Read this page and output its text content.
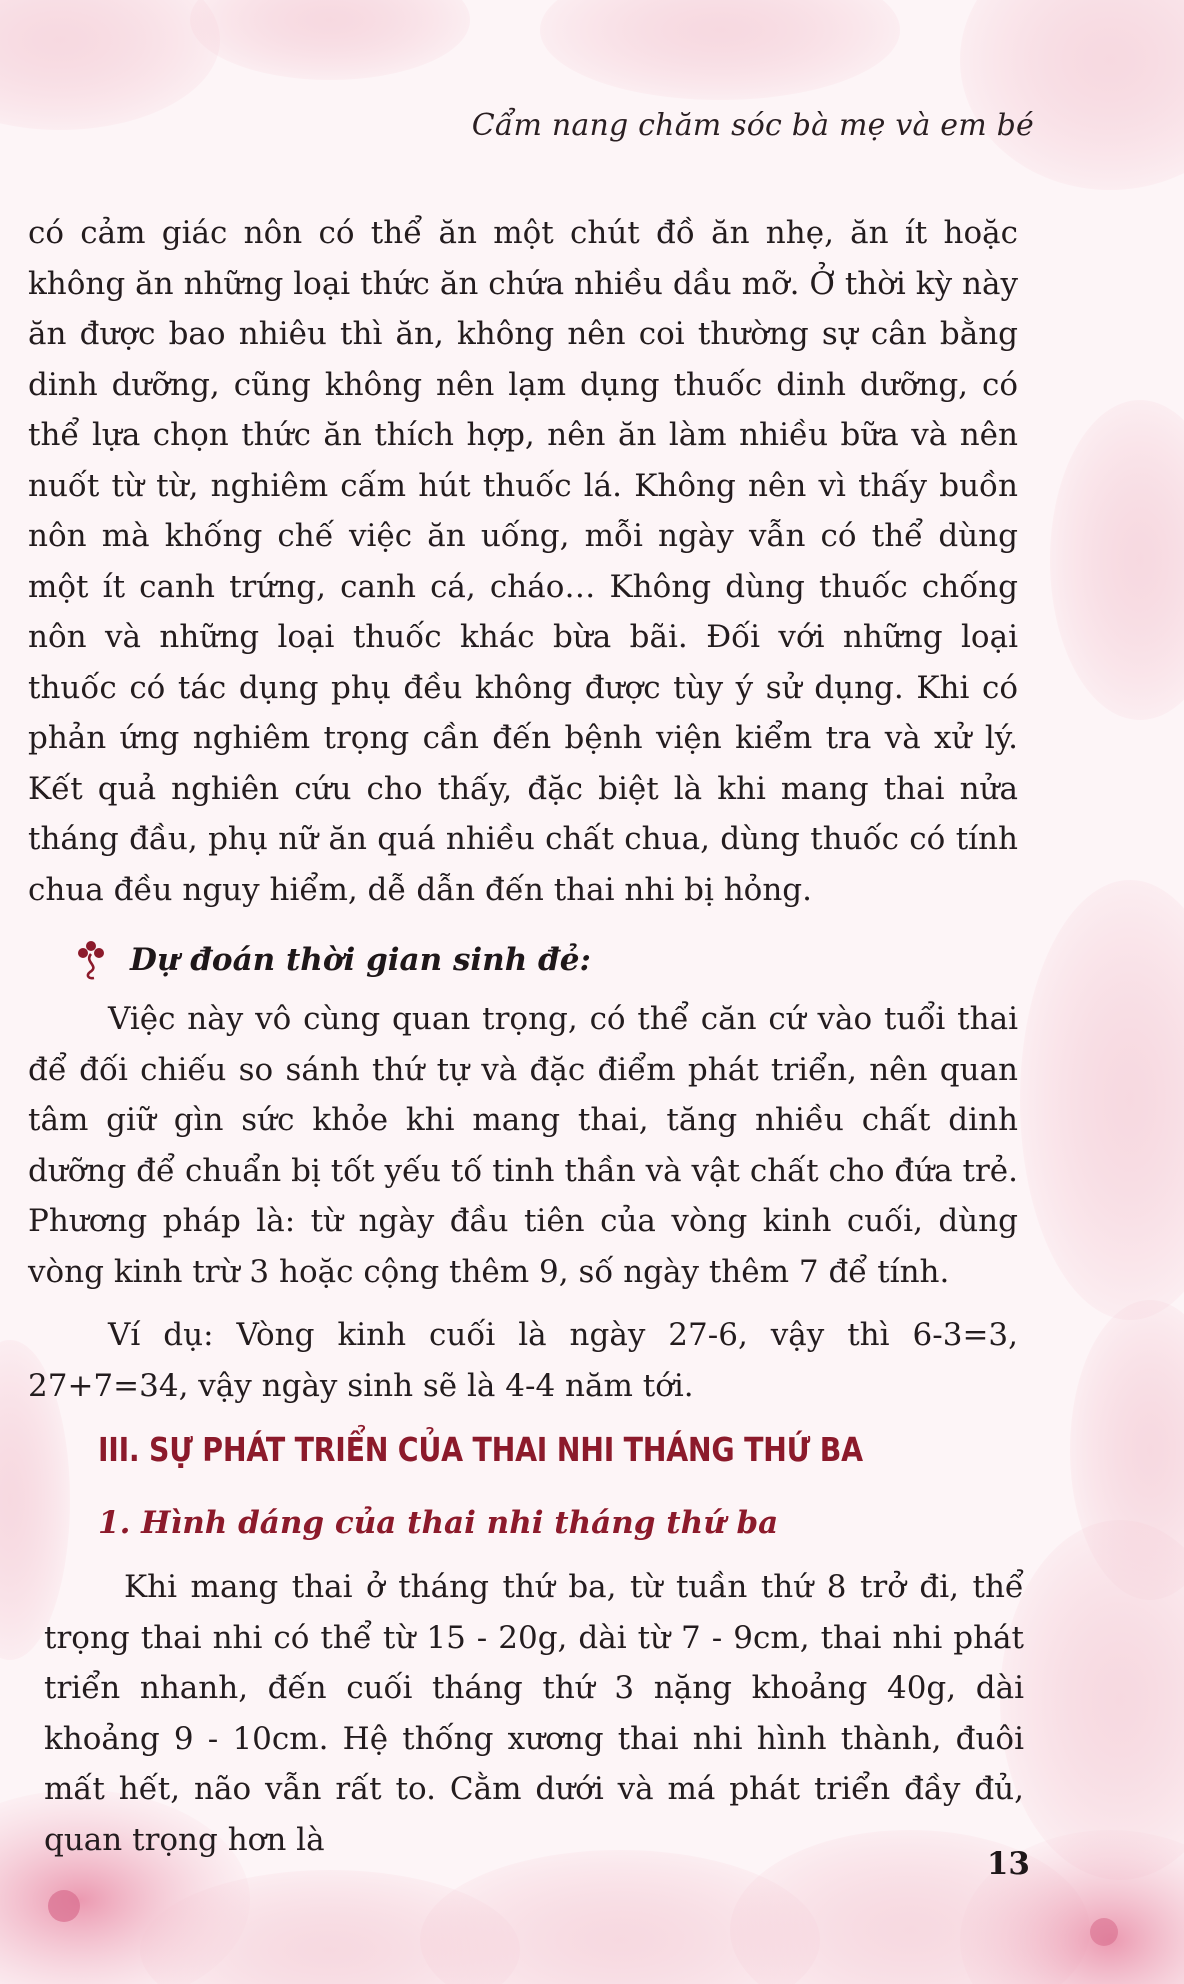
Cẩm nang chăm sóc bà mẹ và em bé

có cảm giác nôn có thể ăn một chút đồ ăn nhẹ, ăn ít hoặc không ăn những loại thức ăn chứa nhiều dầu mỡ. Ở thời kỳ này ăn được bao nhiêu thì ăn, không nên coi thường sự cân bằng dinh dưỡng, cũng không nên lạm dụng thuốc dinh dưỡng, có thể lựa chọn thức ăn thích hợp, nên ăn làm nhiều bữa và nên nuốt từ từ, nghiêm cấm hút thuốc lá. Không nên vì thấy buồn nôn mà khống chế việc ăn uống, mỗi ngày vẫn có thể dùng một ít canh trứng, canh cá, cháo… Không dùng thuốc chống nôn và những loại thuốc khác bừa bãi. Đối với những loại thuốc có tác dụng phụ đều không được tùy ý sử dụng. Khi có phản ứng nghiêm trọng cần đến bệnh viện kiểm tra và xử lý. Kết quả nghiên cứu cho thấy, đặc biệt là khi mang thai nửa tháng đầu, phụ nữ ăn quá nhiều chất chua, dùng thuốc có tính chua đều nguy hiểm, dễ dẫn đến thai nhi bị hỏng.

Dự đoán thời gian sinh đẻ:

Việc này vô cùng quan trọng, có thể căn cứ vào tuổi thai để đối chiếu so sánh thứ tự và đặc điểm phát triển, nên quan tâm giữ gìn sức khỏe khi mang thai, tăng nhiều chất dinh dưỡng để chuẩn bị tốt yếu tố tinh thần và vật chất cho đứa trẻ. Phương pháp là: từ ngày đầu tiên của vòng kinh cuối, dùng vòng kinh trừ 3 hoặc cộng thêm 9, số ngày thêm 7 để tính.

Ví dụ: Vòng kinh cuối là ngày 27-6, vậy thì 6-3=3, 27+7=34, vậy ngày sinh sẽ là 4-4 năm tới.

III. SỰ PHÁT TRIỂN CỦA THAI NHI THÁNG THỨ BA
1. Hình dáng của thai nhi tháng thứ ba

Khi mang thai ở tháng thứ ba, từ tuần thứ 8 trở đi, thể trọng thai nhi có thể từ 15 - 20g, dài từ 7 - 9cm, thai nhi phát triển nhanh, đến cuối tháng thứ 3 nặng khoảng 40g, dài khoảng 9 - 10cm. Hệ thống xương thai nhi hình thành, đuôi mất hết, não vẫn rất to. Cằm dưới và má phát triển đầy đủ, quan trọng hơn là

13
